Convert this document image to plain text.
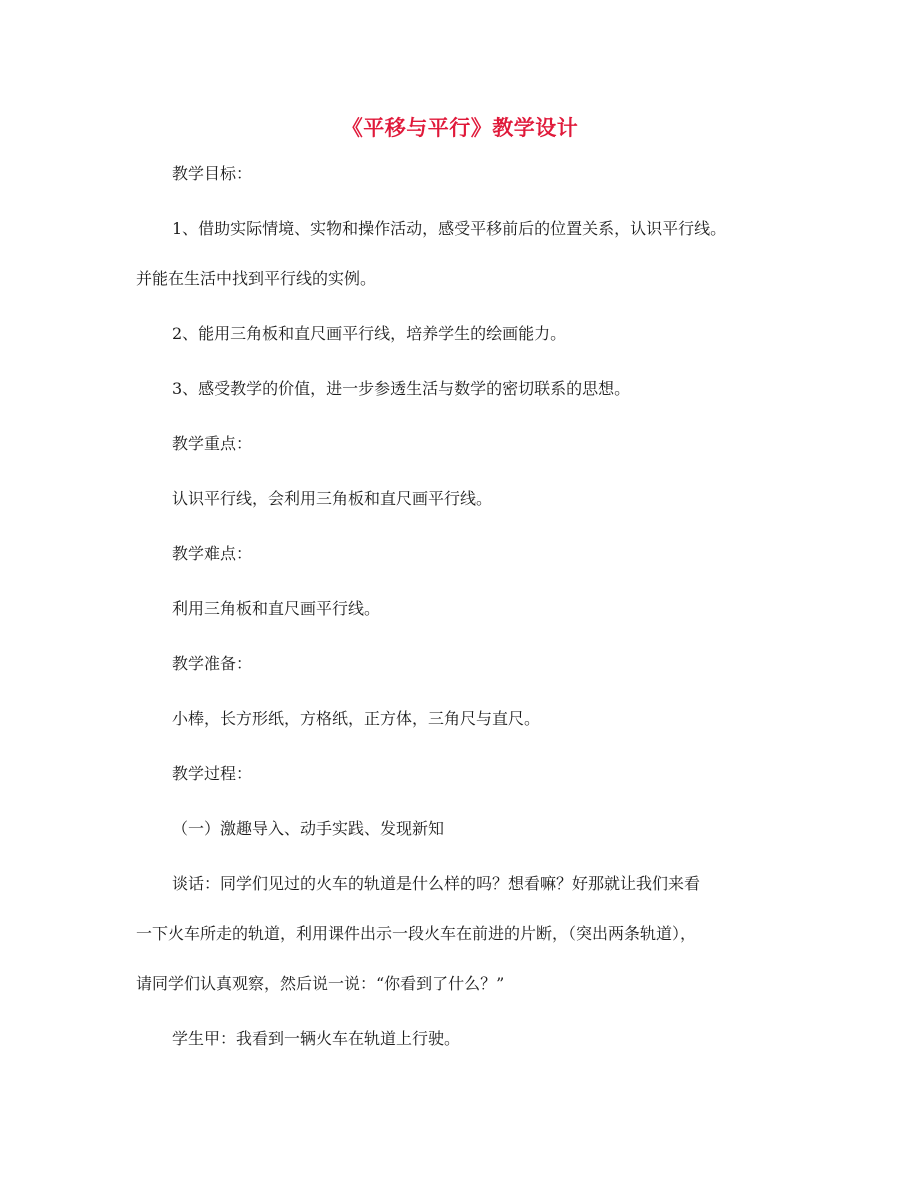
《平移与平行》教学设计

教学目标：

1、借助实际情境、实物和操作活动，感受平移前后的位置关系，认识平行线。

并能在生活中找到平行线的实例。

2、能用三角板和直尺画平行线，培养学生的绘画能力。

3、感受教学的价值，进一步参透生活与数学的密切联系的思想。

教学重点：

认识平行线，会利用三角板和直尺画平行线。

教学难点：

利用三角板和直尺画平行线。

教学准备：

小棒，长方形纸，方格纸，正方体，三角尺与直尺。

教学过程：

（一）激趣导入、动手实践、发现新知

谈话：同学们见过的火车的轨道是什么样的吗？想看嘛？好那就让我们来看

一下火车所走的轨道，利用课件出示一段火车在前进的片断，（突出两条轨道），

请同学们认真观察，然后说一说：“你看到了什么？”

学生甲：我看到一辆火车在轨道上行驶。
